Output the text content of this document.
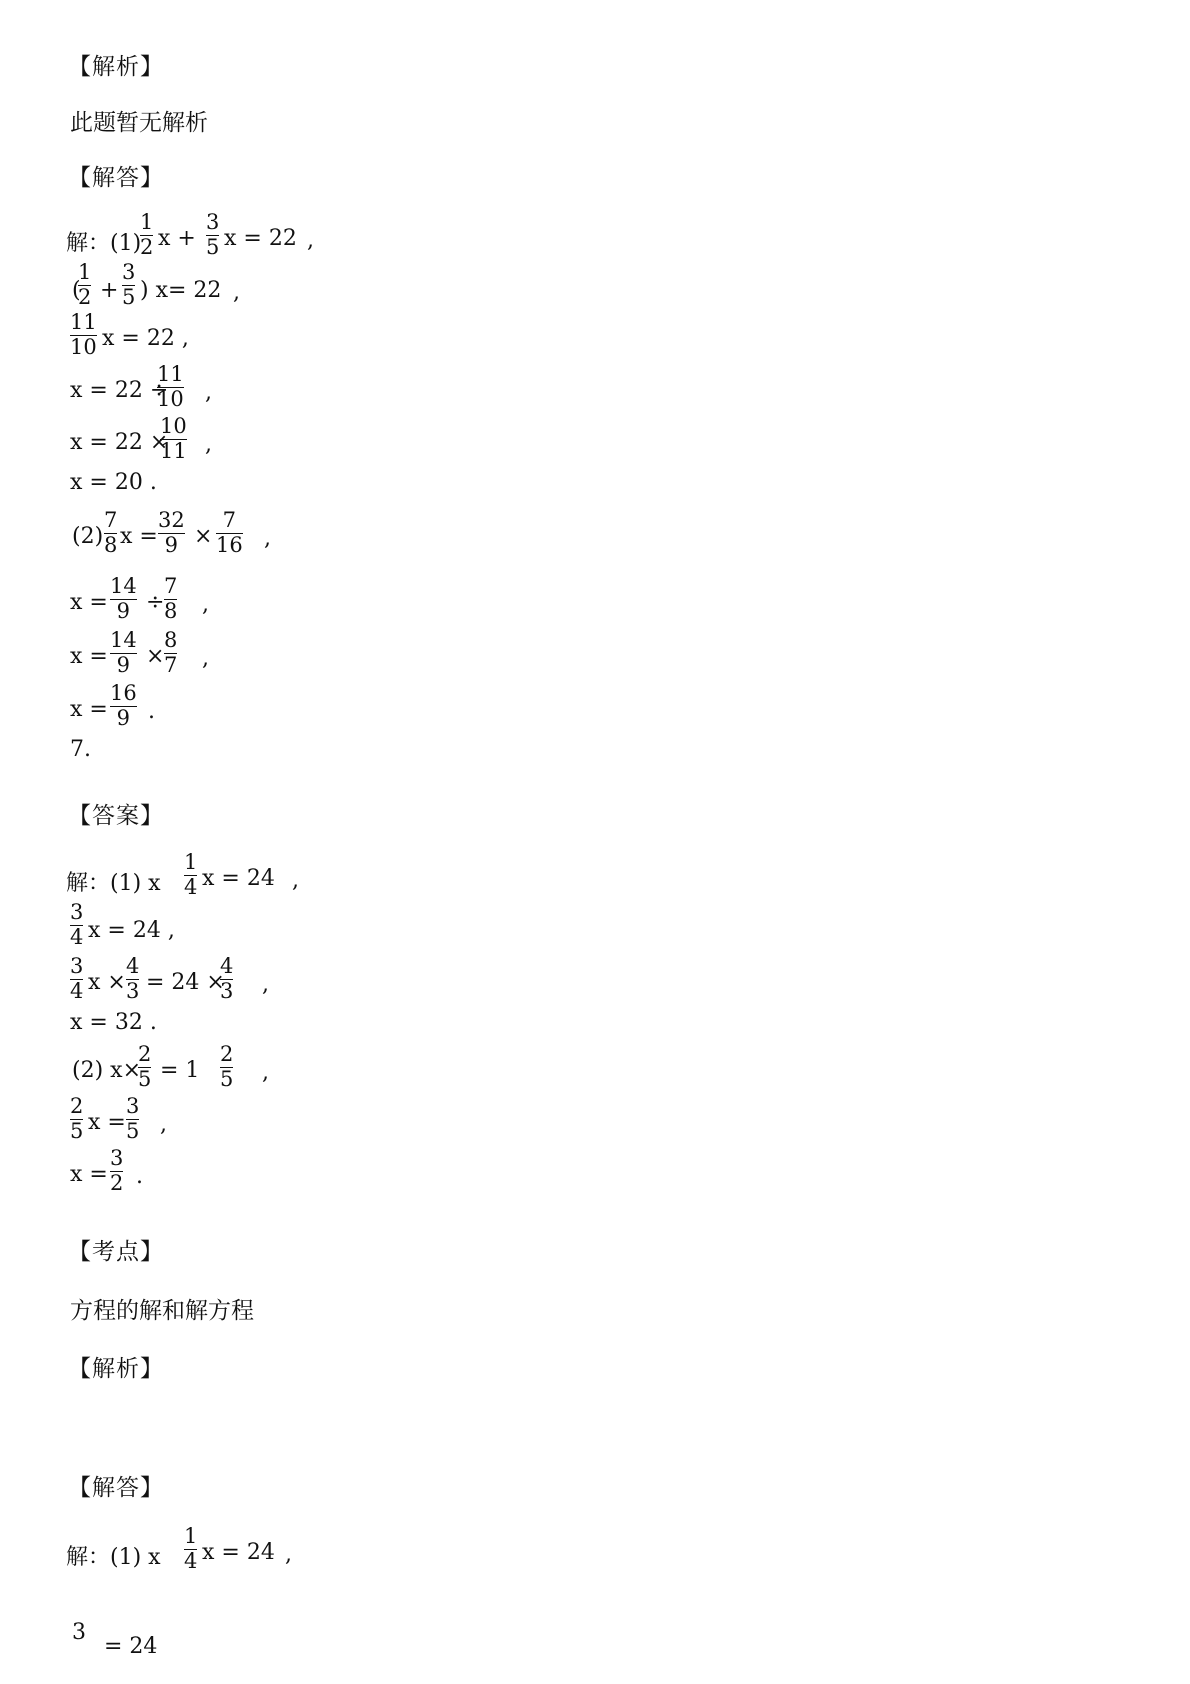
【解析】
此题暂无解析
【解答】
解：(1)
1
2 x +
3
5 x = 22 ,
(
1
2 +
3
5 ) x= 22 ,
11
10 x = 22 ,
x = 22 ÷
11
10 ,
x = 22 ×
10
11 ,
x = 20 .
(2)
7
8 x =
32
9 ×
7
16 ,
x =
14
9 ÷
7
8 ,
x =
14
9 ×
8
7 ,
x =
16
9 .
7.
【答案】
解：(1) x
1
4 x = 24 ,
3
4 x = 24 ,
3
4 x ×
4
3 = 24 ×
4
3 ,
x = 32 .
(2) x×
2
5 = 1
2
5 ,
2
5 x =
3
5 ,
x =
3
2 .
【考点】
方程的解和解方程
【解析】
【解答】
解：(1) x
1
4 x = 24 ,
3
= 24
